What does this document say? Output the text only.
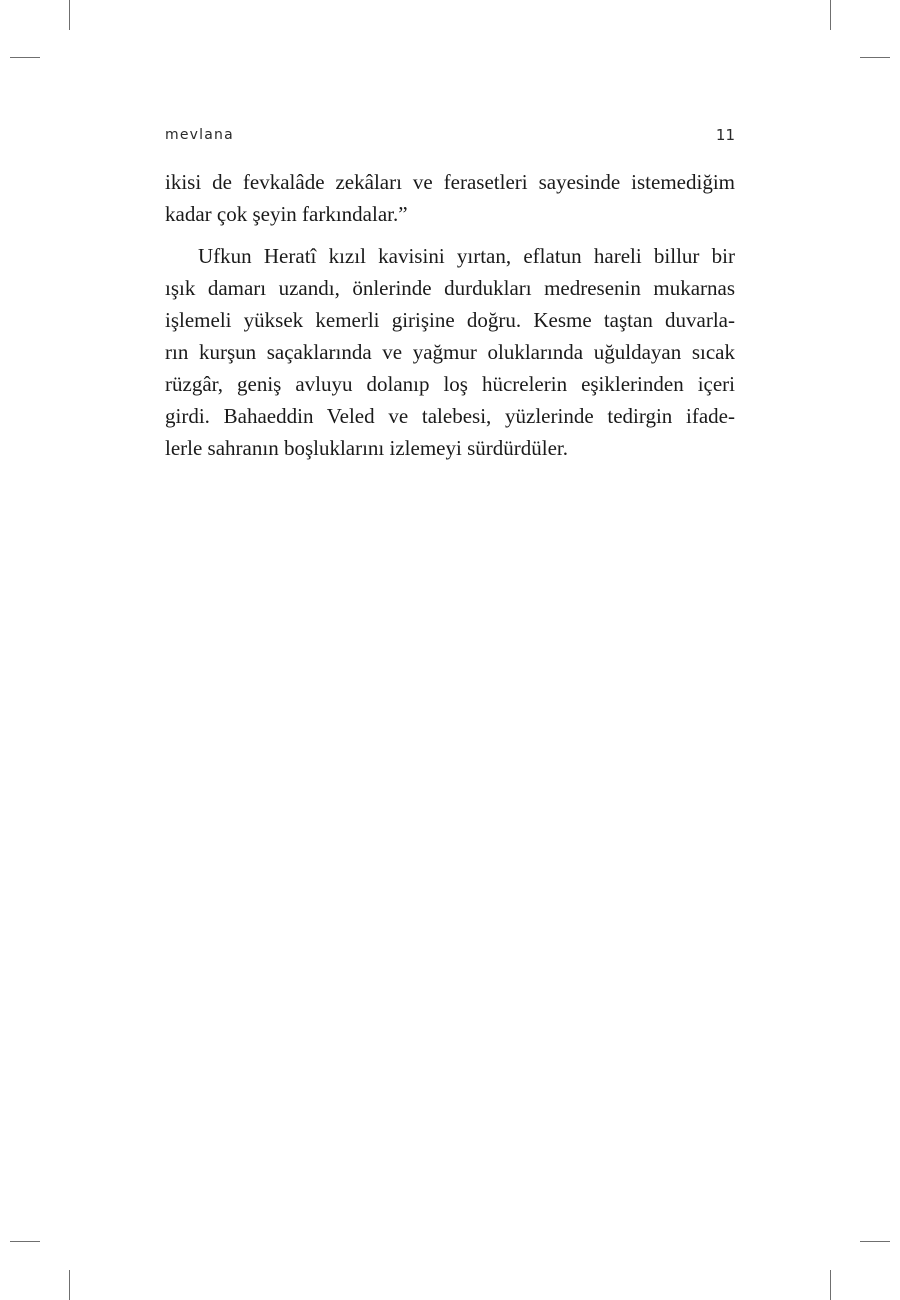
mevlana	11
ikisi de fevkalâde zekâları ve ferasetleri sayesinde istemediğim
kadar çok şeyin farkındalar.”
Ufkun Heratî kızıl kavisini yırtan, eflatun hareli billur bir
ışık damarı uzandı, önlerinde durdukları medresenin mukarnas
işlemeli yüksek kemerli girişine doğru. Kesme taştan duvarla-
rın kurşun saçaklarında ve yağmur oluklarında uğuldayan sıcak
rüzgâr, geniş avluyu dolanıp loş hücrelerin eşiklerinden içeri
girdi. Bahaeddin Veled ve talebesi, yüzlerinde tedirgin ifade-
lerle sahranın boşluklarını izlemeyi sürdürdüler.
